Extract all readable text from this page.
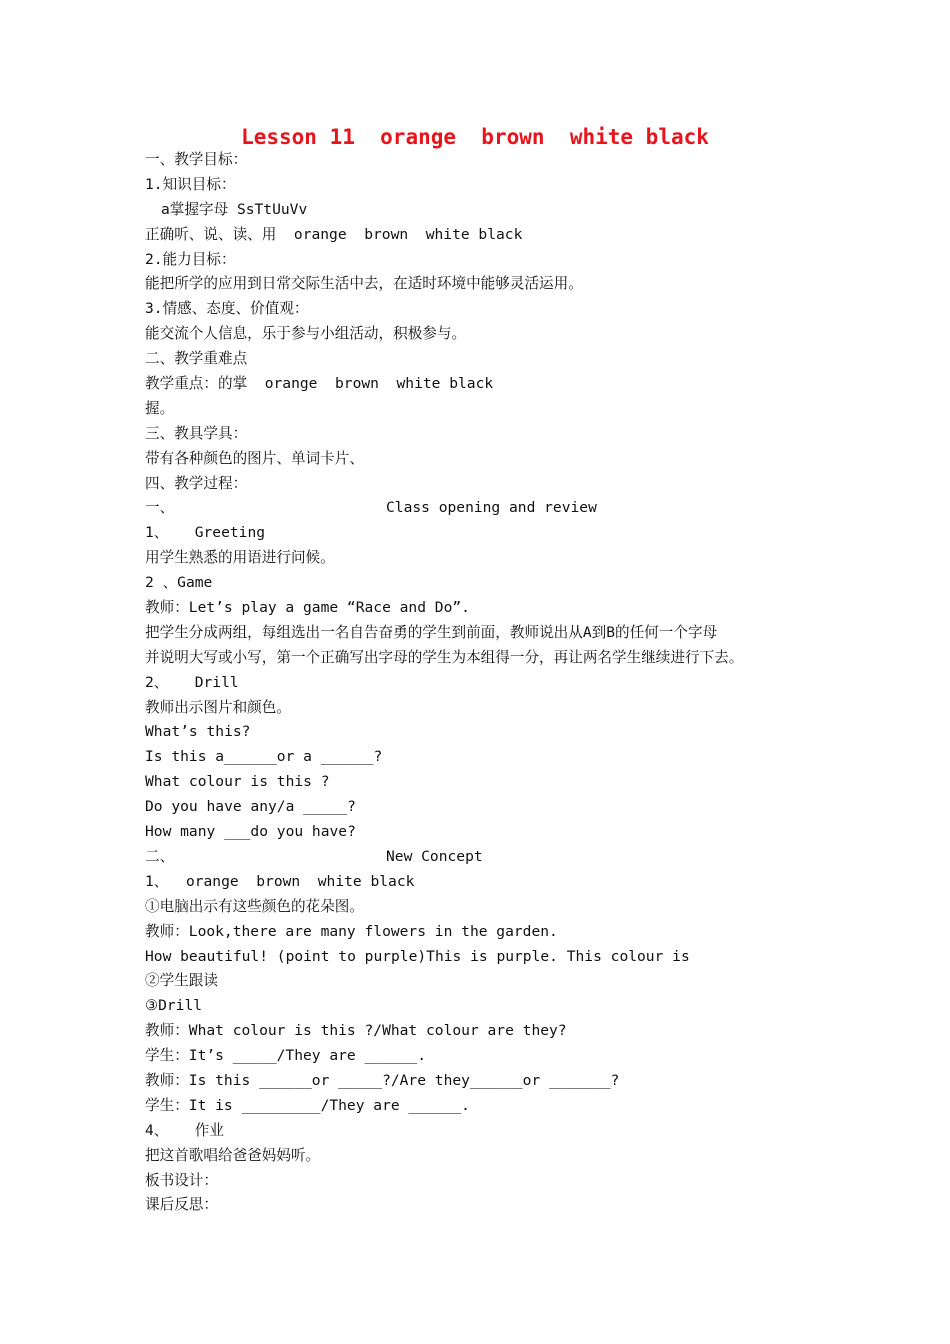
Lesson 11  orange  brown  white black
一、教学目标：
1.知识目标：
a掌握字母 SsTtUuVv
正确听、说、读、用  orange  brown  white black
2.能力目标：
能把所学的应用到日常交际生活中去，在适时环境中能够灵活运用。
3.情感、态度、价值观：
能交流个人信息，乐于参与小组活动，积极参与。
二、教学重难点
教学重点：的掌  orange  brown  white black
握。
三、教具学具：
带有各种颜色的图片、单词卡片、
四、教学过程：
一、	Class opening and review
1、   Greeting
用学生熟悉的用语进行问候。
2 、Game
教师：Let’s play a game “Race and Do”.
把学生分成两组，每组选出一名自告奋勇的学生到前面，教师说出从A到B的任何一个字母
并说明大写或小写，第一个正确写出字母的学生为本组得一分，再让两名学生继续进行下去。
2、   Drill
教师出示图片和颜色。
What’s this?
Is this a______or a ______?
What colour is this ?
Do you have any/a _____?
How many ___do you have?
二、	New Concept
1、  orange  brown  white black
①电脑出示有这些颜色的花朵图。
教师：Look,there are many flowers in the garden.
How beautiful! (point to purple)This is purple. This colour is
②学生跟读
③Drill
教师：What colour is this ?/What colour are they?
学生：It’s _____/They are ______.
教师：Is this ______or _____?/Are they______or _______?
学生：It is _________/They are ______.
4、   作业
把这首歌唱给爸爸妈妈听。
板书设计：
课后反思：
